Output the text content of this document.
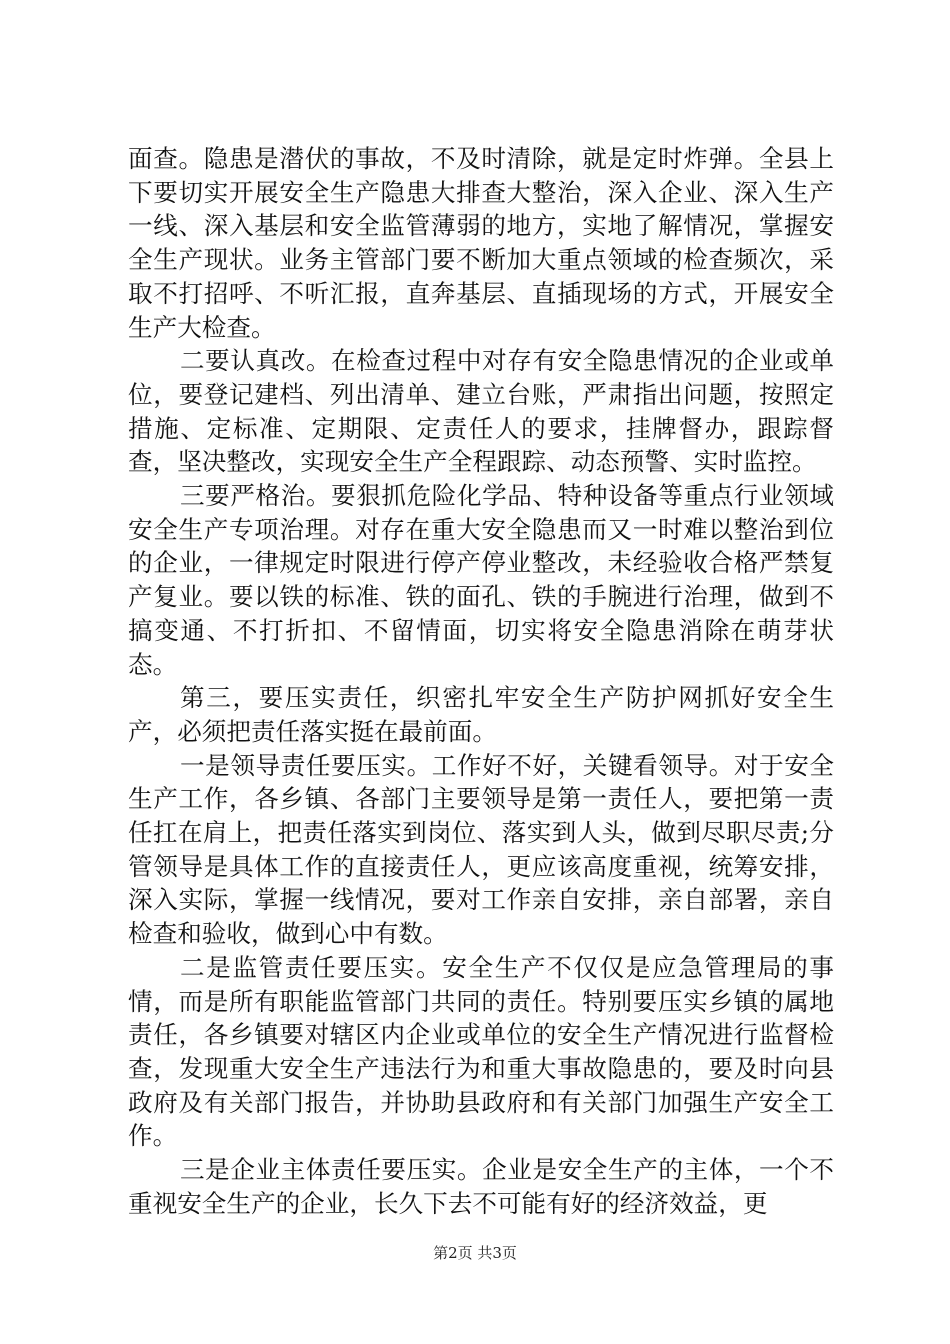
面查。隐患是潜伏的事故，不及时清除，就是定时炸弹。全县上下要切实开展安全生产隐患大排查大整治，深入企业、深入生产一线、深入基层和安全监管薄弱的地方，实地了解情况，掌握安全生产现状。业务主管部门要不断加大重点领域的检查频次，采取不打招呼、不听汇报，直奔基层、直插现场的方式，开展安全生产大检查。

二要认真改。在检查过程中对存有安全隐患情况的企业或单位，要登记建档、列出清单、建立台账，严肃指出问题，按照定措施、定标准、定期限、定责任人的要求，挂牌督办，跟踪督查，坚决整改，实现安全生产全程跟踪、动态预警、实时监控。

三要严格治。要狠抓危险化学品、特种设备等重点行业领域安全生产专项治理。对存在重大安全隐患而又一时难以整治到位的企业，一律规定时限进行停产停业整改，未经验收合格严禁复产复业。要以铁的标准、铁的面孔、铁的手腕进行治理，做到不搞变通、不打折扣、不留情面，切实将安全隐患消除在萌芽状态。

第三，要压实责任，织密扎牢安全生产防护网抓好安全生产，必须把责任落实挺在最前面。

一是领导责任要压实。工作好不好，关键看领导。对于安全生产工作，各乡镇、各部门主要领导是第一责任人，要把第一责任扛在肩上，把责任落实到岗位、落实到人头，做到尽职尽责;分管领导是具体工作的直接责任人，更应该高度重视，统筹安排，深入实际，掌握一线情况，要对工作亲自安排，亲自部署，亲自检查和验收，做到心中有数。

二是监管责任要压实。安全生产不仅仅是应急管理局的事情，而是所有职能监管部门共同的责任。特别要压实乡镇的属地责任，各乡镇要对辖区内企业或单位的安全生产情况进行监督检查，发现重大安全生产违法行为和重大事故隐患的，要及时向县政府及有关部门报告，并协助县政府和有关部门加强生产安全工作。

三是企业主体责任要压实。企业是安全生产的主体，一个不重视安全生产的企业，长久下去不可能有好的经济效益，更

第2页 共3页
